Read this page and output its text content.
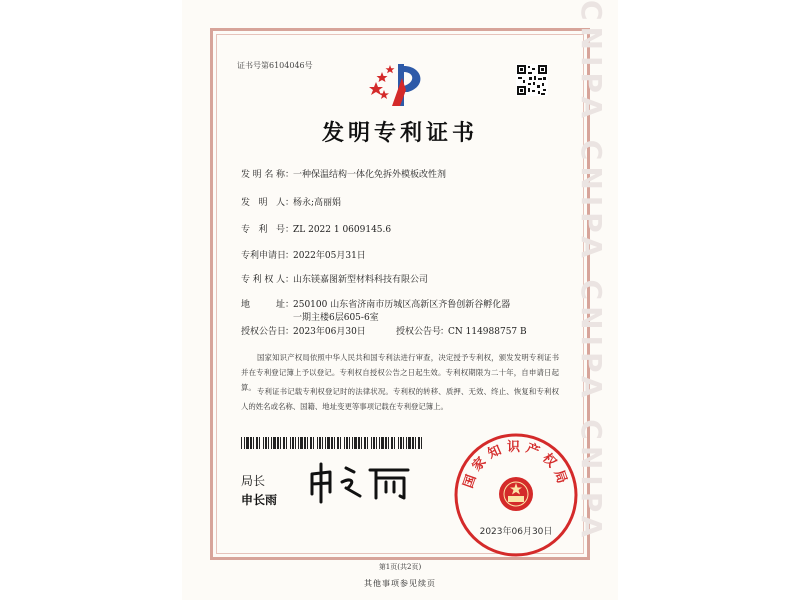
CNIPA CNIPA CNIPA CNIPA
证书号第6104046号
发明专利证书
发明名称：一种保温结构一体化免拆外模板改性剂
发明人：杨永;高丽娟
专利号：ZL 2022 1 0609145.6
专利申请日：2022年05月31日
专利权人：山东镁嘉图新型材料科技有限公司
地址：250100 山东省济南市历城区高新区齐鲁创新谷孵化器
一期主楼6层605-6室
授权公告日：2023年06月30日	授权公告号：CN 114988757 B
国家知识产权局依照中华人民共和国专利法进行审查，决定授予专利权，颁发发明专利证书并在专利登记簿上予以登记。专利权自授权公告之日起生效。专利权期限为二十年，自申请日起算。 专利证书记载专利权登记时的法律状况。专利权的转移、质押、无效、终止、恢复和专利权人的姓名或名称、国籍、地址变更等事项记载在专利登记簿上。
局长
申长雨
国家知识产权局
2023年06月30日
第1页(共2页)
其他事项参见续页
